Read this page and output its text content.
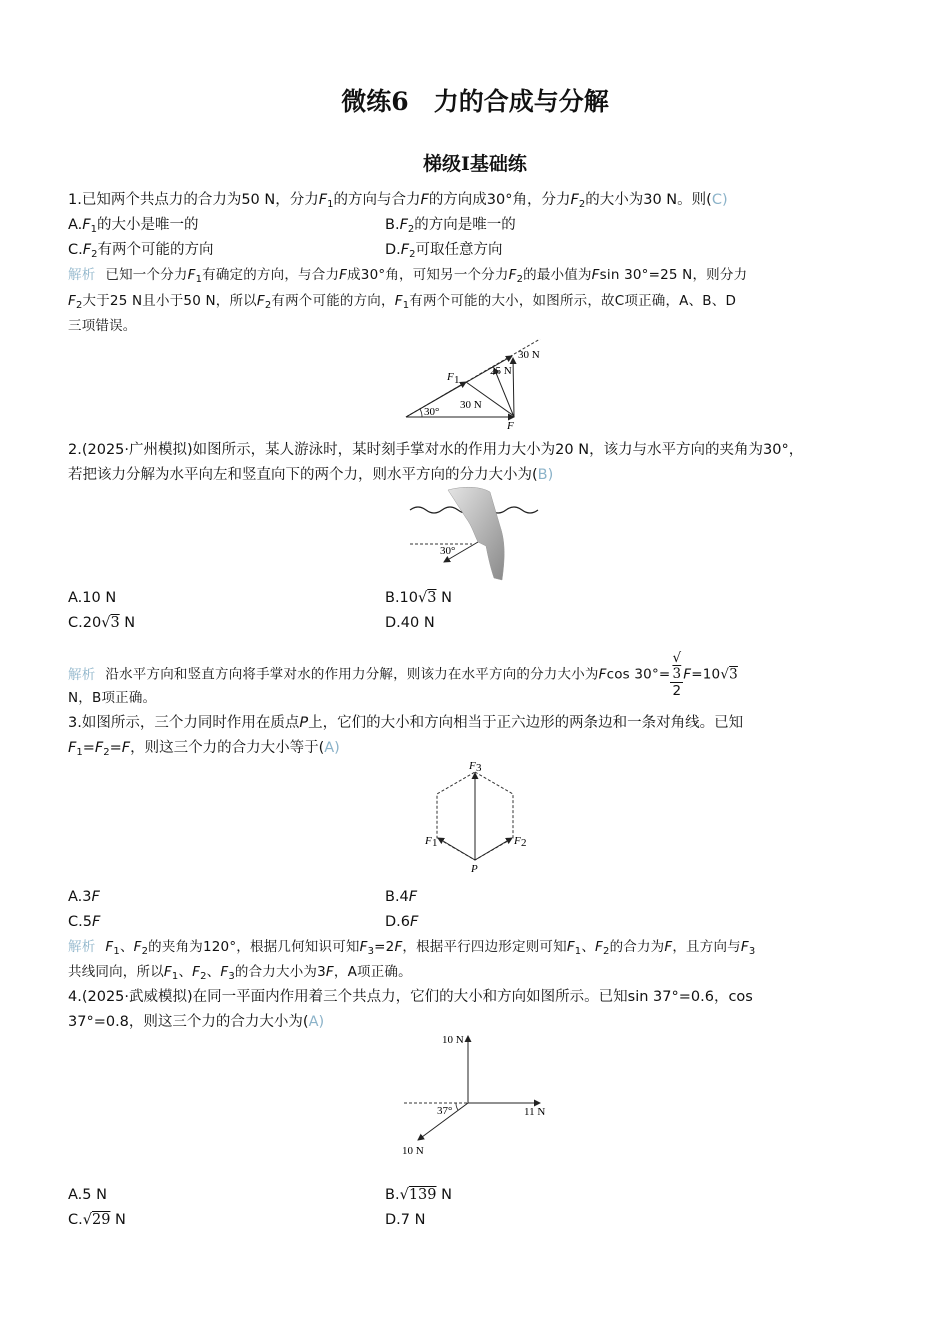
微练6　力的合成与分解
梯级Ⅰ基础练
1.已知两个共点力的合力为50 N，分力$F_1$的方向与合力F的方向成30°角，分力$F_2$的大小为30 N。则(C)
$A.F_1$的大小是唯一的	$B.F_2$的方向是唯一的
$C.F_2$有两个可能的方向	$D.F_2$可取任意方向
解析 已知一个分力$F_1$有确定的方向，与合力F成30°角，可知另一个分力$F_2$的最小值为Fsin 30°=25 N，则分力
$F_2$大于25 N且小于50 N，所以$F_2$有两个可能的方向，$F_1$有两个可能的大小，如图所示，故C项正确，A、B、D
三项错误。
30 N
25 N
30 N
30°
F 1
F
2.(2025·广州模拟)如图所示，某人游泳时，某时刻手掌对水的作用力大小为20 N，该力与水平方向的夹角为30°，
若把该力分解为水平向左和竖直向下的两个力，则水平方向的分力大小为(B)
30°
A.10 N	B.10√3 N
C.20√3 N	D.40 N
解析 沿水平方向和竖直方向将手掌对水的作用力分解，则该力在水平方向的分力大小为Fcos 30°= √
3
2 F=10√3
N，B项正确。
3.如图所示，三个力同时作用在质点P上，它们的大小和方向相当于正六边形的两条边和一条对角线。已知
$F_1=F_2=F$，则这三个力的合力大小等于(A)
F 3
F 1	F 2
P
A.3F	B.4F
C.5F	D.6F
解析 $F_1$、$F_2$的夹角为120°，根据几何知识可知$F_3=2F$，根据平行四边形定则可知$F_1$、$F_2$的合力为F，且方向与$F_3$
共线同向，所以$F_1$、$F_2$、$F_3$的合力大小为3F，A项正确。
4.(2025·武威模拟)在同一平面内作用着三个共点力，它们的大小和方向如图所示。已知sin 37°=0.6，cos
37°=0.8，则这三个力的合力大小为(A)
10 N
11 N
10 N
37°
A.5 N	B.√139 N
C.√29 N	D.7 N
